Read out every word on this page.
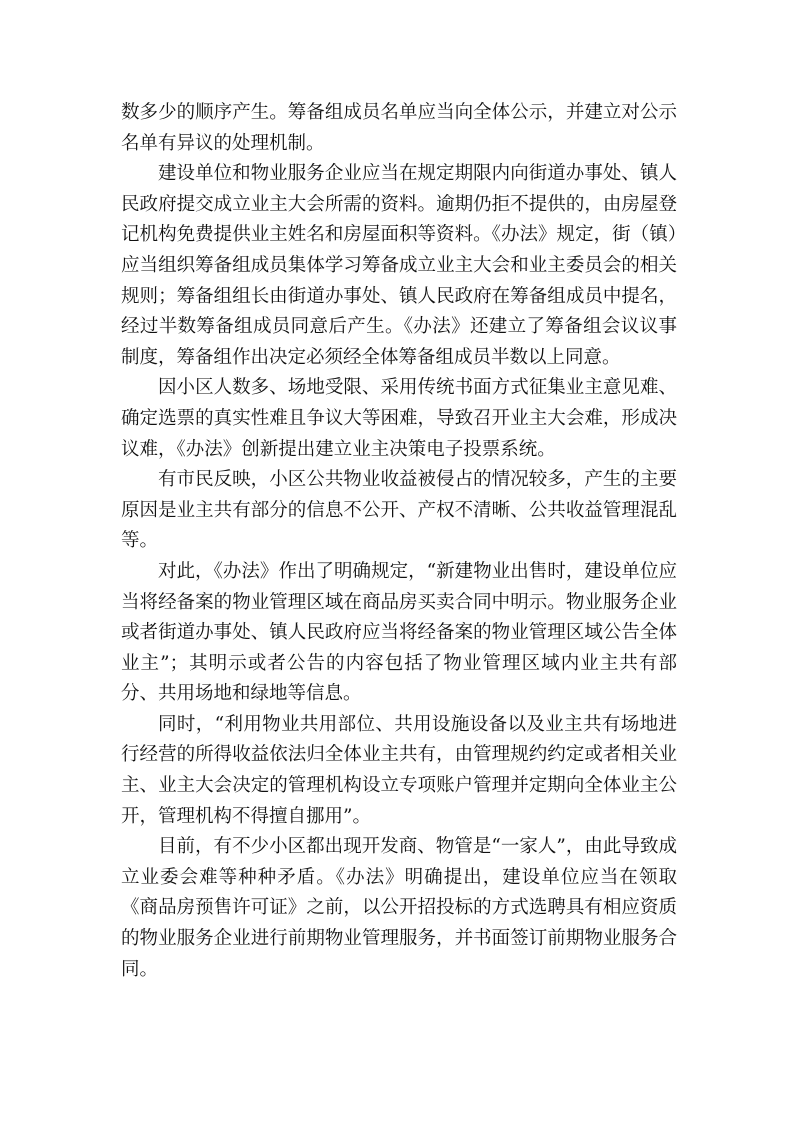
数多少的顺序产生。筹备组成员名单应当向全体公示，并建立对公示名单有异议的处理机制。

建设单位和物业服务企业应当在规定期限内向街道办事处、镇人民政府提交成立业主大会所需的资料。逾期仍拒不提供的，由房屋登记机构免费提供业主姓名和房屋面积等资料。《办法》规定，街（镇）应当组织筹备组成员集体学习筹备成立业主大会和业主委员会的相关规则；筹备组组长由街道办事处、镇人民政府在筹备组成员中提名，经过半数筹备组成员同意后产生。《办法》还建立了筹备组会议议事制度，筹备组作出决定必须经全体筹备组成员半数以上同意。

因小区人数多、场地受限、采用传统书面方式征集业主意见难、确定选票的真实性难且争议大等困难，导致召开业主大会难，形成决议难，《办法》创新提出建立业主决策电子投票系统。

有市民反映，小区公共物业收益被侵占的情况较多，产生的主要原因是业主共有部分的信息不公开、产权不清晰、公共收益管理混乱等。

对此，《办法》作出了明确规定，“新建物业出售时，建设单位应当将经备案的物业管理区域在商品房买卖合同中明示。物业服务企业或者街道办事处、镇人民政府应当将经备案的物业管理区域公告全体业主”；其明示或者公告的内容包括了物业管理区域内业主共有部分、共用场地和绿地等信息。

同时，“利用物业共用部位、共用设施设备以及业主共有场地进行经营的所得收益依法归全体业主共有，由管理规约约定或者相关业主、业主大会决定的管理机构设立专项账户管理并定期向全体业主公开，管理机构不得擅自挪用”。

目前，有不少小区都出现开发商、物管是“一家人”，由此导致成立业委会难等种种矛盾。《办法》明确提出，建设单位应当在领取《商品房预售许可证》之前，以公开招投标的方式选聘具有相应资质的物业服务企业进行前期物业管理服务，并书面签订前期物业服务合同。
